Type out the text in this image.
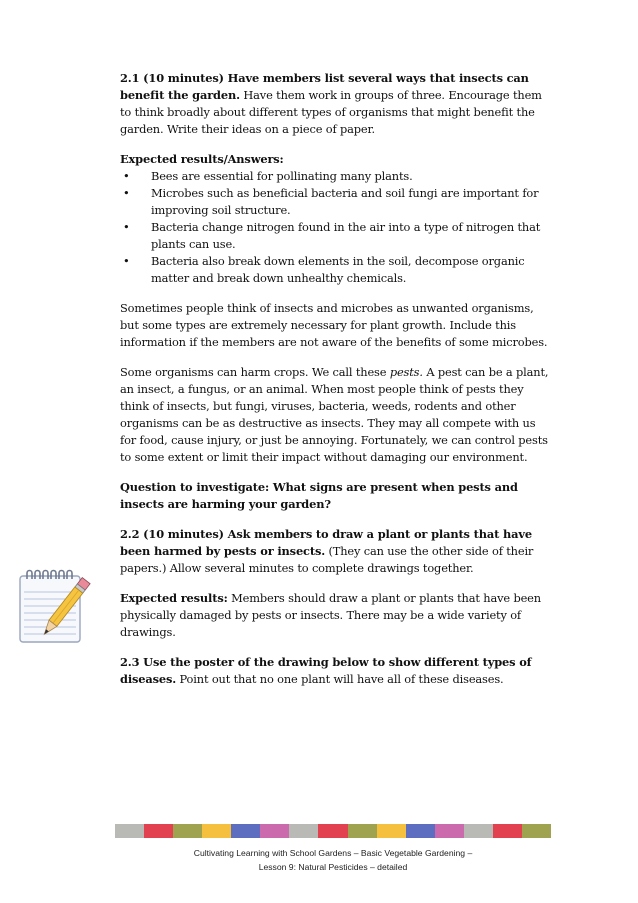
2.1 (10 minutes) Have members list several ways that insects can benefit the garden. Have them work in groups of three. Encourage them to think broadly about different types of organisms that might benefit the garden. Write their ideas on a piece of paper.

Expected results/Answers:

• Bees are essential for pollinating many plants.
• Microbes such as beneficial bacteria and soil fungi are important for improving soil structure.
• Bacteria change nitrogen found in the air into a type of nitrogen that plants can use.
• Bacteria also break down elements in the soil, decompose organic matter and break down unhealthy chemicals.

Sometimes people think of insects and microbes as unwanted organisms, but some types are extremely necessary for plant growth. Include this information if the members are not aware of the benefits of some microbes.

Some organisms can harm crops. We call these pests. A pest can be a plant, an insect, a fungus, or an animal. When most people think of pests they think of insects, but fungi, viruses, bacteria, weeds, rodents and other organisms can be as destructive as insects. They may all compete with us for food, cause injury, or just be annoying. Fortunately, we can control pests to some extent or limit their impact without damaging our environment.

Question to investigate: What signs are present when pests and insects are harming your garden?

2.2 (10 minutes) Ask members to draw a plant or plants that have been harmed by pests or insects. (They can use the other side of their papers.) Allow several minutes to complete drawings together.

Expected results: Members should draw a plant or plants that have been physically damaged by pests or insects. There may be a wide variety of drawings.

2.3 Use the poster of the drawing below to show different types of diseases. Point out that no one plant will have all of these diseases.

Cultivating Learning with School Gardens – Basic Vegetable Gardening –
Lesson 9: Natural Pesticides – detailed
